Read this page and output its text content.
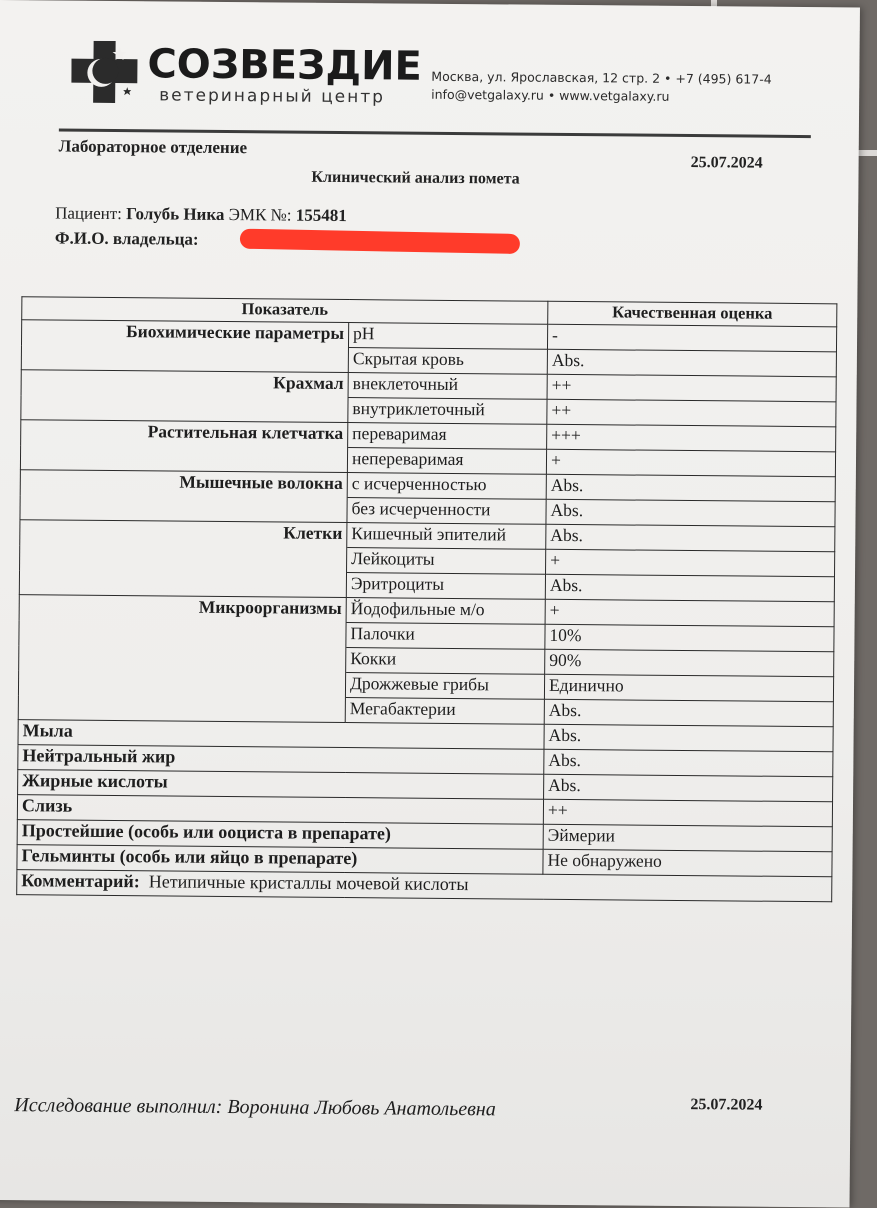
СОЗВЕЗДИЕ
ветеринарный центр
Москва, ул. Ярославская, 12 стр. 2 • +7 (495) 617-4
info@vetgalaxy.ru • www.vetgalaxy.ru
Лабораторное отделение
25.07.2024
Клинический анализ помета
Пациент: Голубь Ника ЭМК №: 155481
Ф.И.О. владельца:
Показатель		Качественная оценка
Биохимические параметры	pH	-
	Скрытая кровь	Abs.
Крахмал	внеклеточный	++
	внутриклеточный	++
Растительная клетчатка	переваримая	+++
	непереваримая	+
Мышечные волокна	с исчерченностью	Abs.
	без исчерченности	Abs.
Клетки	Кишечный эпителий	Abs.
	Лейкоциты	+
	Эритроциты	Abs.
Микроорганизмы	Йодофильные м/о	+
	Палочки	10%
	Кокки	90%
	Дрожжевые грибы	Единично
	Мегабактерии	Abs.
Мыла		Abs.
Нейтральный жир		Abs.
Жирные кислоты		Abs.
Слизь		++
Простейшие (особь или ооциста в препарате)		Эймерии
Гельминты (особь или яйцо в препарате)		Не обнаружено
Комментарий: Нетипичные кристаллы мочевой кислоты		
Исследование выполнил: Воронина Любовь Анатольевна	25.07.2024
